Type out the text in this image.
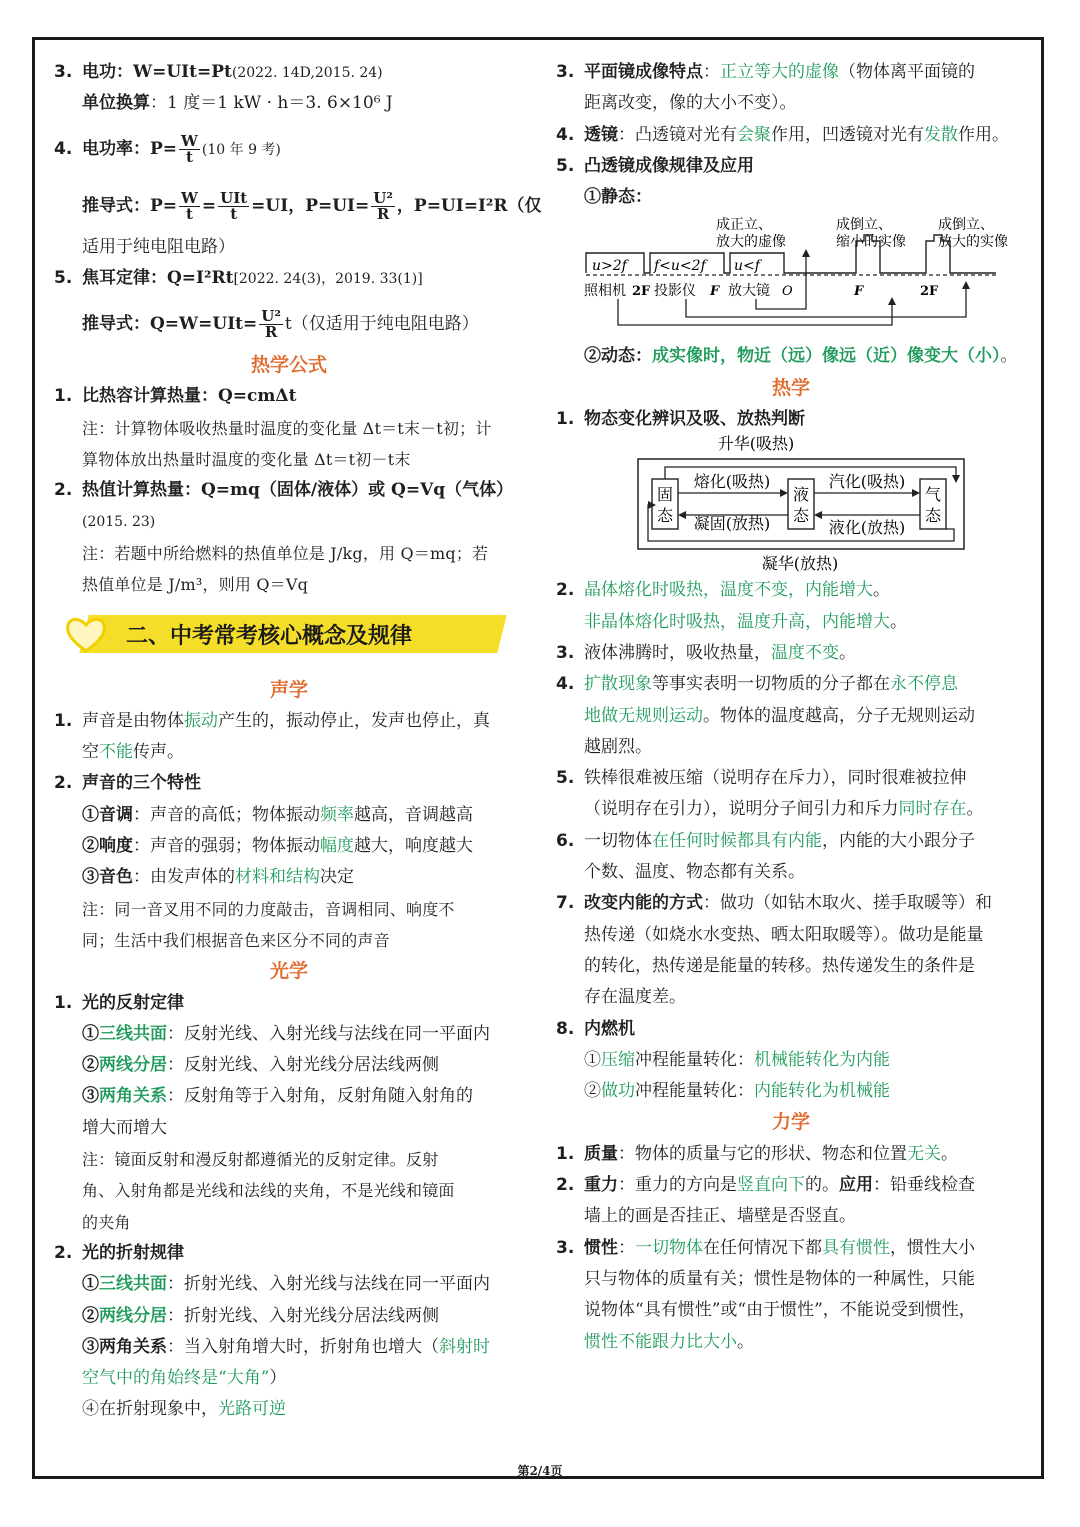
3. 电功：W=UIt=Pt(2022. 14D,2015. 24)
单位换算：1 度＝1 kW · h＝3. 6×10⁶ J
4. 电功率：$P= \frac{W}{t} (10$ 年 9 考)
推导式：$P= \frac{W}{t}$ = UIt
t =UI，$P=UI= \frac{\text{U²}}{R}$ ，P=UI=I²R（仅
适用于纯电阻电路）
5. 焦耳定律：Q=I²Rt[2022. 24(3)，2019. 33(1)]
推导式：$Q=W=UIt= \frac{\text{U²}}{R} t$（仅适用于纯电阻电路）
热学公式
1. 比热容计算热量：Q=cmΔt
注：计算物体吸收热量时温度的变化量 Δt＝t末－t初；计
算物体放出热量时温度的变化量 Δt＝t初－t末
2. 热值计算热量：Q=mq（固体/液体）或 Q=Vq（气体）
(2015. 23)
注：若题中所给燃料的热值单位是 J/kg，用 Q＝mq；若
热值单位是 J/m³，则用 Q＝Vq
二、中考常考核心概念及规律
声学
1. 声音是由物体振动产生的，振动停止，发声也停止，真
空不能传声。
2. 声音的三个特性
①音调：声音的高低；物体振动频率越高，音调越高
②响度：声音的强弱；物体振动幅度越大，响度越大
③音色：由发声体的材料和结构决定
注：同一音叉用不同的力度敲击，音调相同、响度不
同；生活中我们根据音色来区分不同的声音
光学
1. 光的反射定律
①三线共面：反射光线、入射光线与法线在同一平面内
②两线分居：反射光线、入射光线分居法线两侧
③两角关系：反射角等于入射角，反射角随入射角的
增大而增大
注：镜面反射和漫反射都遵循光的反射定律。反射
角、入射角都是光线和法线的夹角，不是光线和镜面
的夹角
2. 光的折射规律
①三线共面：折射光线、入射光线与法线在同一平面内
②两线分居：折射光线、入射光线分居法线两侧
③两角关系：当入射角增大时，折射角也增大（斜射时
空气中的角始终是“大角”）
④在折射现象中，光路可逆
3. 平面镜成像特点：正立等大的虚像（物体离平面镜的
距离改变，像的大小不变）。
4. 透镜：凸透镜对光有会聚作用，凹透镜对光有发散作用。
5. 凸透镜成像规律及应用
①静态：
成正立、
放大的虚像
成倒立、
缩小的实像
成倒立、
放大的实像
u>2f f<u<2f u<f
照相机 2F 投影仪 F 放大镜 O	F	2F
②动态：成实像时，物近（远）像远（近）像变大（小）。
热学
1. 物态变化辨识及吸、放热判断
升华(吸热)
固
态
液
态
气
态
熔化(吸热)
凝固(放热)
汽化(吸热)
液化(放热)
凝华(放热)
2. 晶体熔化时吸热，温度不变，内能增大。
非晶体熔化时吸热，温度升高，内能增大。
3. 液体沸腾时，吸收热量，温度不变。
4. 扩散现象等事实表明一切物质的分子都在永不停息
地做无规则运动。物体的温度越高，分子无规则运动
越剧烈。
5. 铁棒很难被压缩（说明存在斥力），同时很难被拉伸
（说明存在引力），说明分子间引力和斥力同时存在。
6. 一切物体在任何时候都具有内能，内能的大小跟分子
个数、温度、物态都有关系。
7. 改变内能的方式：做功（如钻木取火、搓手取暖等）和
热传递（如烧水水变热、晒太阳取暖等）。做功是能量
的转化，热传递是能量的转移。热传递发生的条件是
存在温度差。
8. 内燃机
①压缩冲程能量转化：机械能转化为内能
②做功冲程能量转化：内能转化为机械能
力学
1. 质量：物体的质量与它的形状、物态和位置无关。
2. 重力：重力的方向是竖直向下的。应用：铅垂线检查
墙上的画是否挂正、墙壁是否竖直。
3. 惯性：一切物体在任何情况下都具有惯性，惯性大小
只与物体的质量有关；惯性是物体的一种属性，只能
说物体“具有惯性”或“由于惯性”，不能说受到惯性，
惯性不能跟力比大小。
第2/4页
